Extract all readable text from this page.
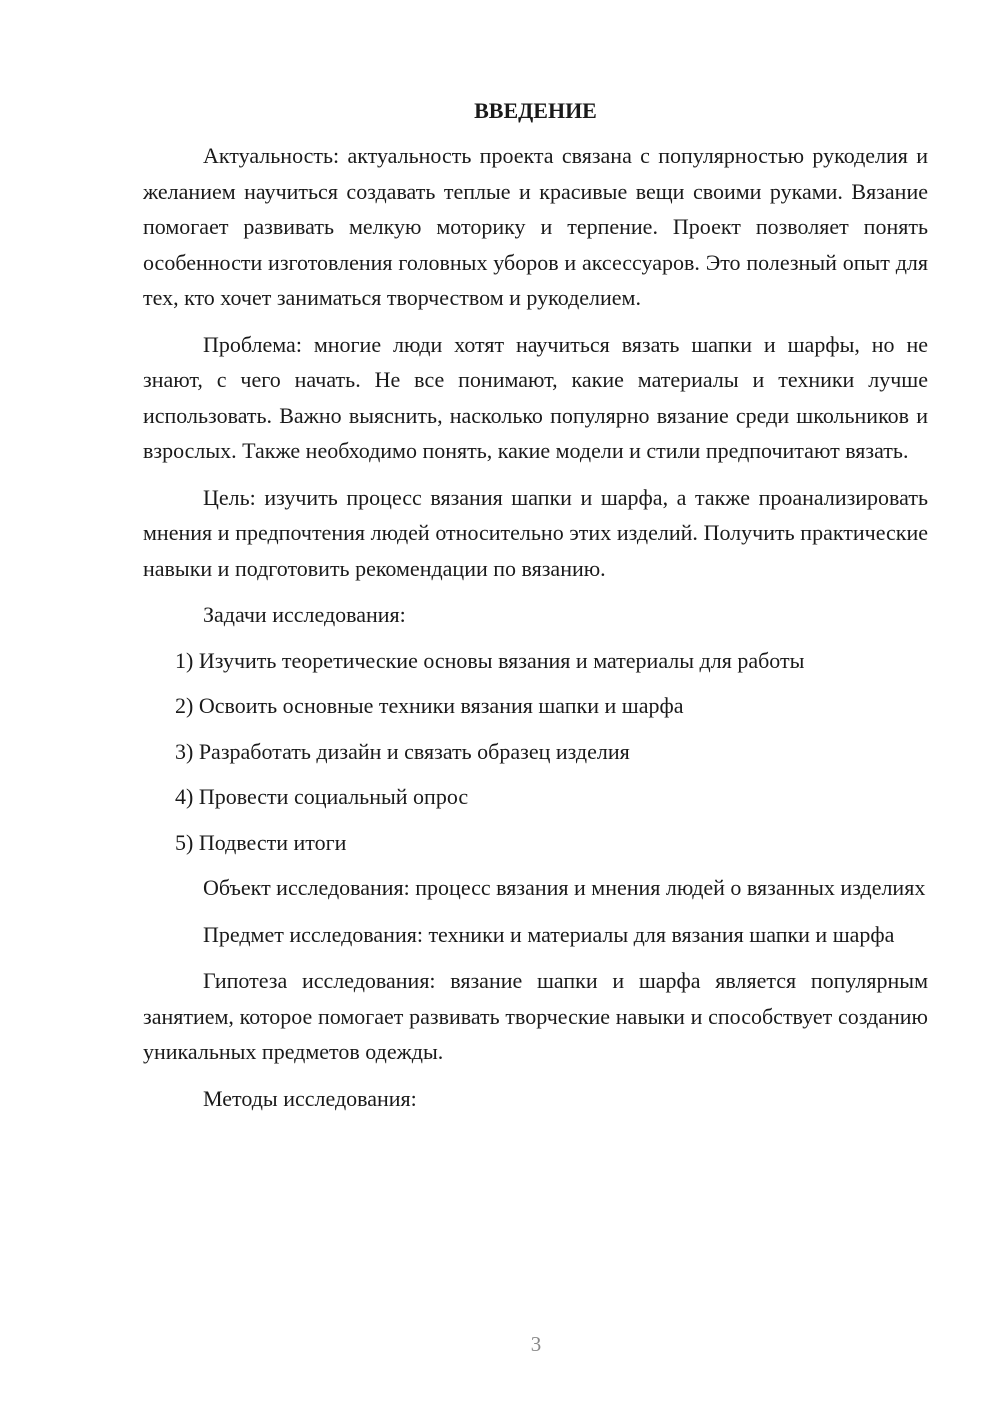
ВВЕДЕНИЕ

Актуальность: актуальность проекта связана с популярностью рукоделия и желанием научиться создавать теплые и красивые вещи своими руками. Вязание помогает развивать мелкую моторику и терпение. Проект позволяет понять особенности изготовления головных уборов и аксессуаров. Это полезный опыт для тех, кто хочет заниматься творчеством и рукоделием.

Проблема: многие люди хотят научиться вязать шапки и шарфы, но не знают, с чего начать. Не все понимают, какие материалы и техники лучше использовать. Важно выяснить, насколько популярно вязание среди школьников и взрослых. Также необходимо понять, какие модели и стили предпочитают вязать.

Цель: изучить процесс вязания шапки и шарфа, а также проанализировать мнения и предпочтения людей относительно этих изделий. Получить практические навыки и подготовить рекомендации по вязанию.

Задачи исследования:

1) Изучить теоретические основы вязания и материалы для работы
2) Освоить основные техники вязания шапки и шарфа
3) Разработать дизайн и связать образец изделия
4) Провести социальный опрос
5) Подвести итоги

Объект исследования: процесс вязания и мнения людей о вязанных изделиях

Предмет исследования: техники и материалы для вязания шапки и шарфа

Гипотеза исследования: вязание шапки и шарфа является популярным занятием, которое помогает развивать творческие навыки и способствует созданию уникальных предметов одежды.

Методы исследования:

3
